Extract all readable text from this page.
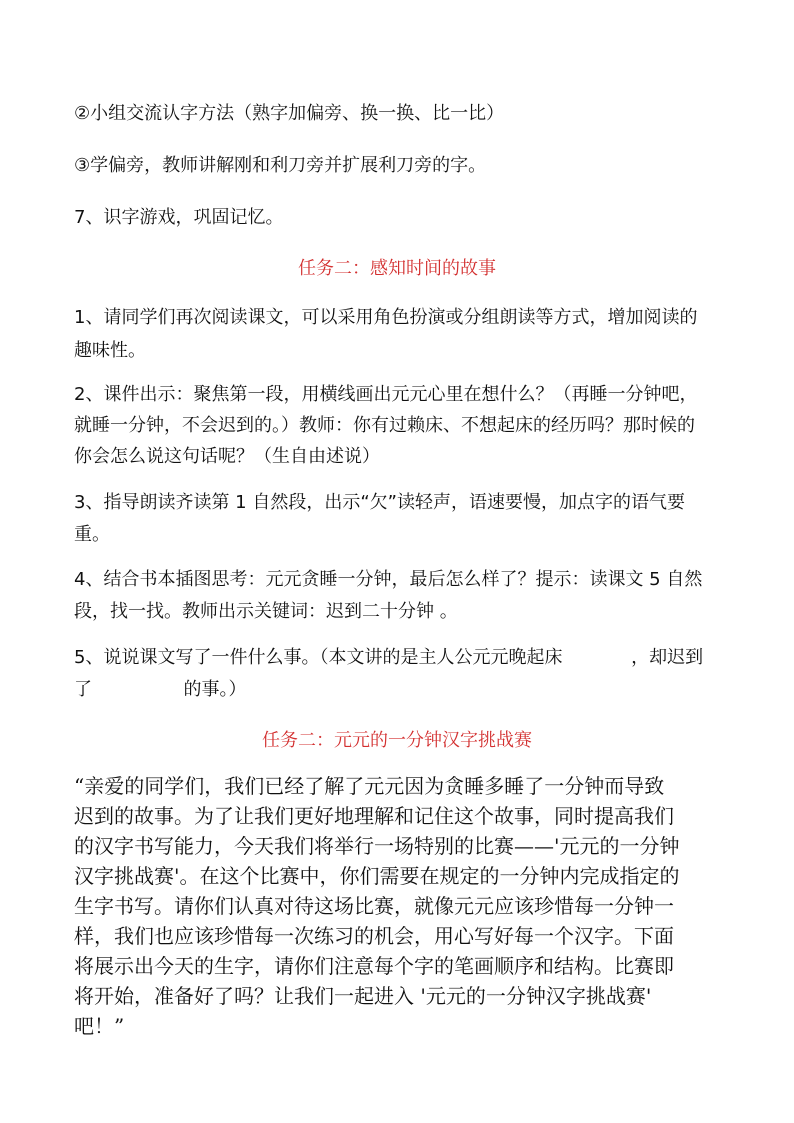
②小组交流认字方法（熟字加偏旁、换一换、比一比）
③学偏旁，教师讲解刚和利刀旁并扩展利刀旁的字。
7、识字游戏，巩固记忆。
任务二：感知时间的故事
1、请同学们再次阅读课文，可以采用角色扮演或分组朗读等方式，增加阅读的
趣味性。
2、课件出示：聚焦第一段，用横线画出元元心里在想什么？（再睡一分钟吧，
就睡一分钟，不会迟到的。）教师：你有过赖床、不想起床的经历吗？那时候的
你会怎么说这句话呢？（生自由述说）
3、指导朗读齐读第 1 自然段，出示“欠”读轻声，语速要慢，加点字的语气要
重。
4、结合书本插图思考：元元贪睡一分钟，最后怎么样了？提示：读课文 5 自然
段，找一找。教师出示关键词：迟到二十分钟 。
5、说说课文写了一件什么事。（本文讲的是主人公元元晚起床            ，却迟到
了                的事。）
任务二：元元的一分钟汉字挑战赛
“亲爱的同学们，我们已经了解了元元因为贪睡多睡了一分钟而导致
迟到的故事。为了让我们更好地理解和记住这个故事，同时提高我们
的汉字书写能力，今天我们将举行一场特别的比赛——'元元的一分钟
汉字挑战赛'。在这个比赛中，你们需要在规定的一分钟内完成指定的
生字书写。请你们认真对待这场比赛，就像元元应该珍惜每一分钟一
样，我们也应该珍惜每一次练习的机会，用心写好每一个汉字。下面
将展示出今天的生字，请你们注意每个字的笔画顺序和结构。比赛即
将开始，准备好了吗？让我们一起进入 '元元的一分钟汉字挑战赛'
吧！”
